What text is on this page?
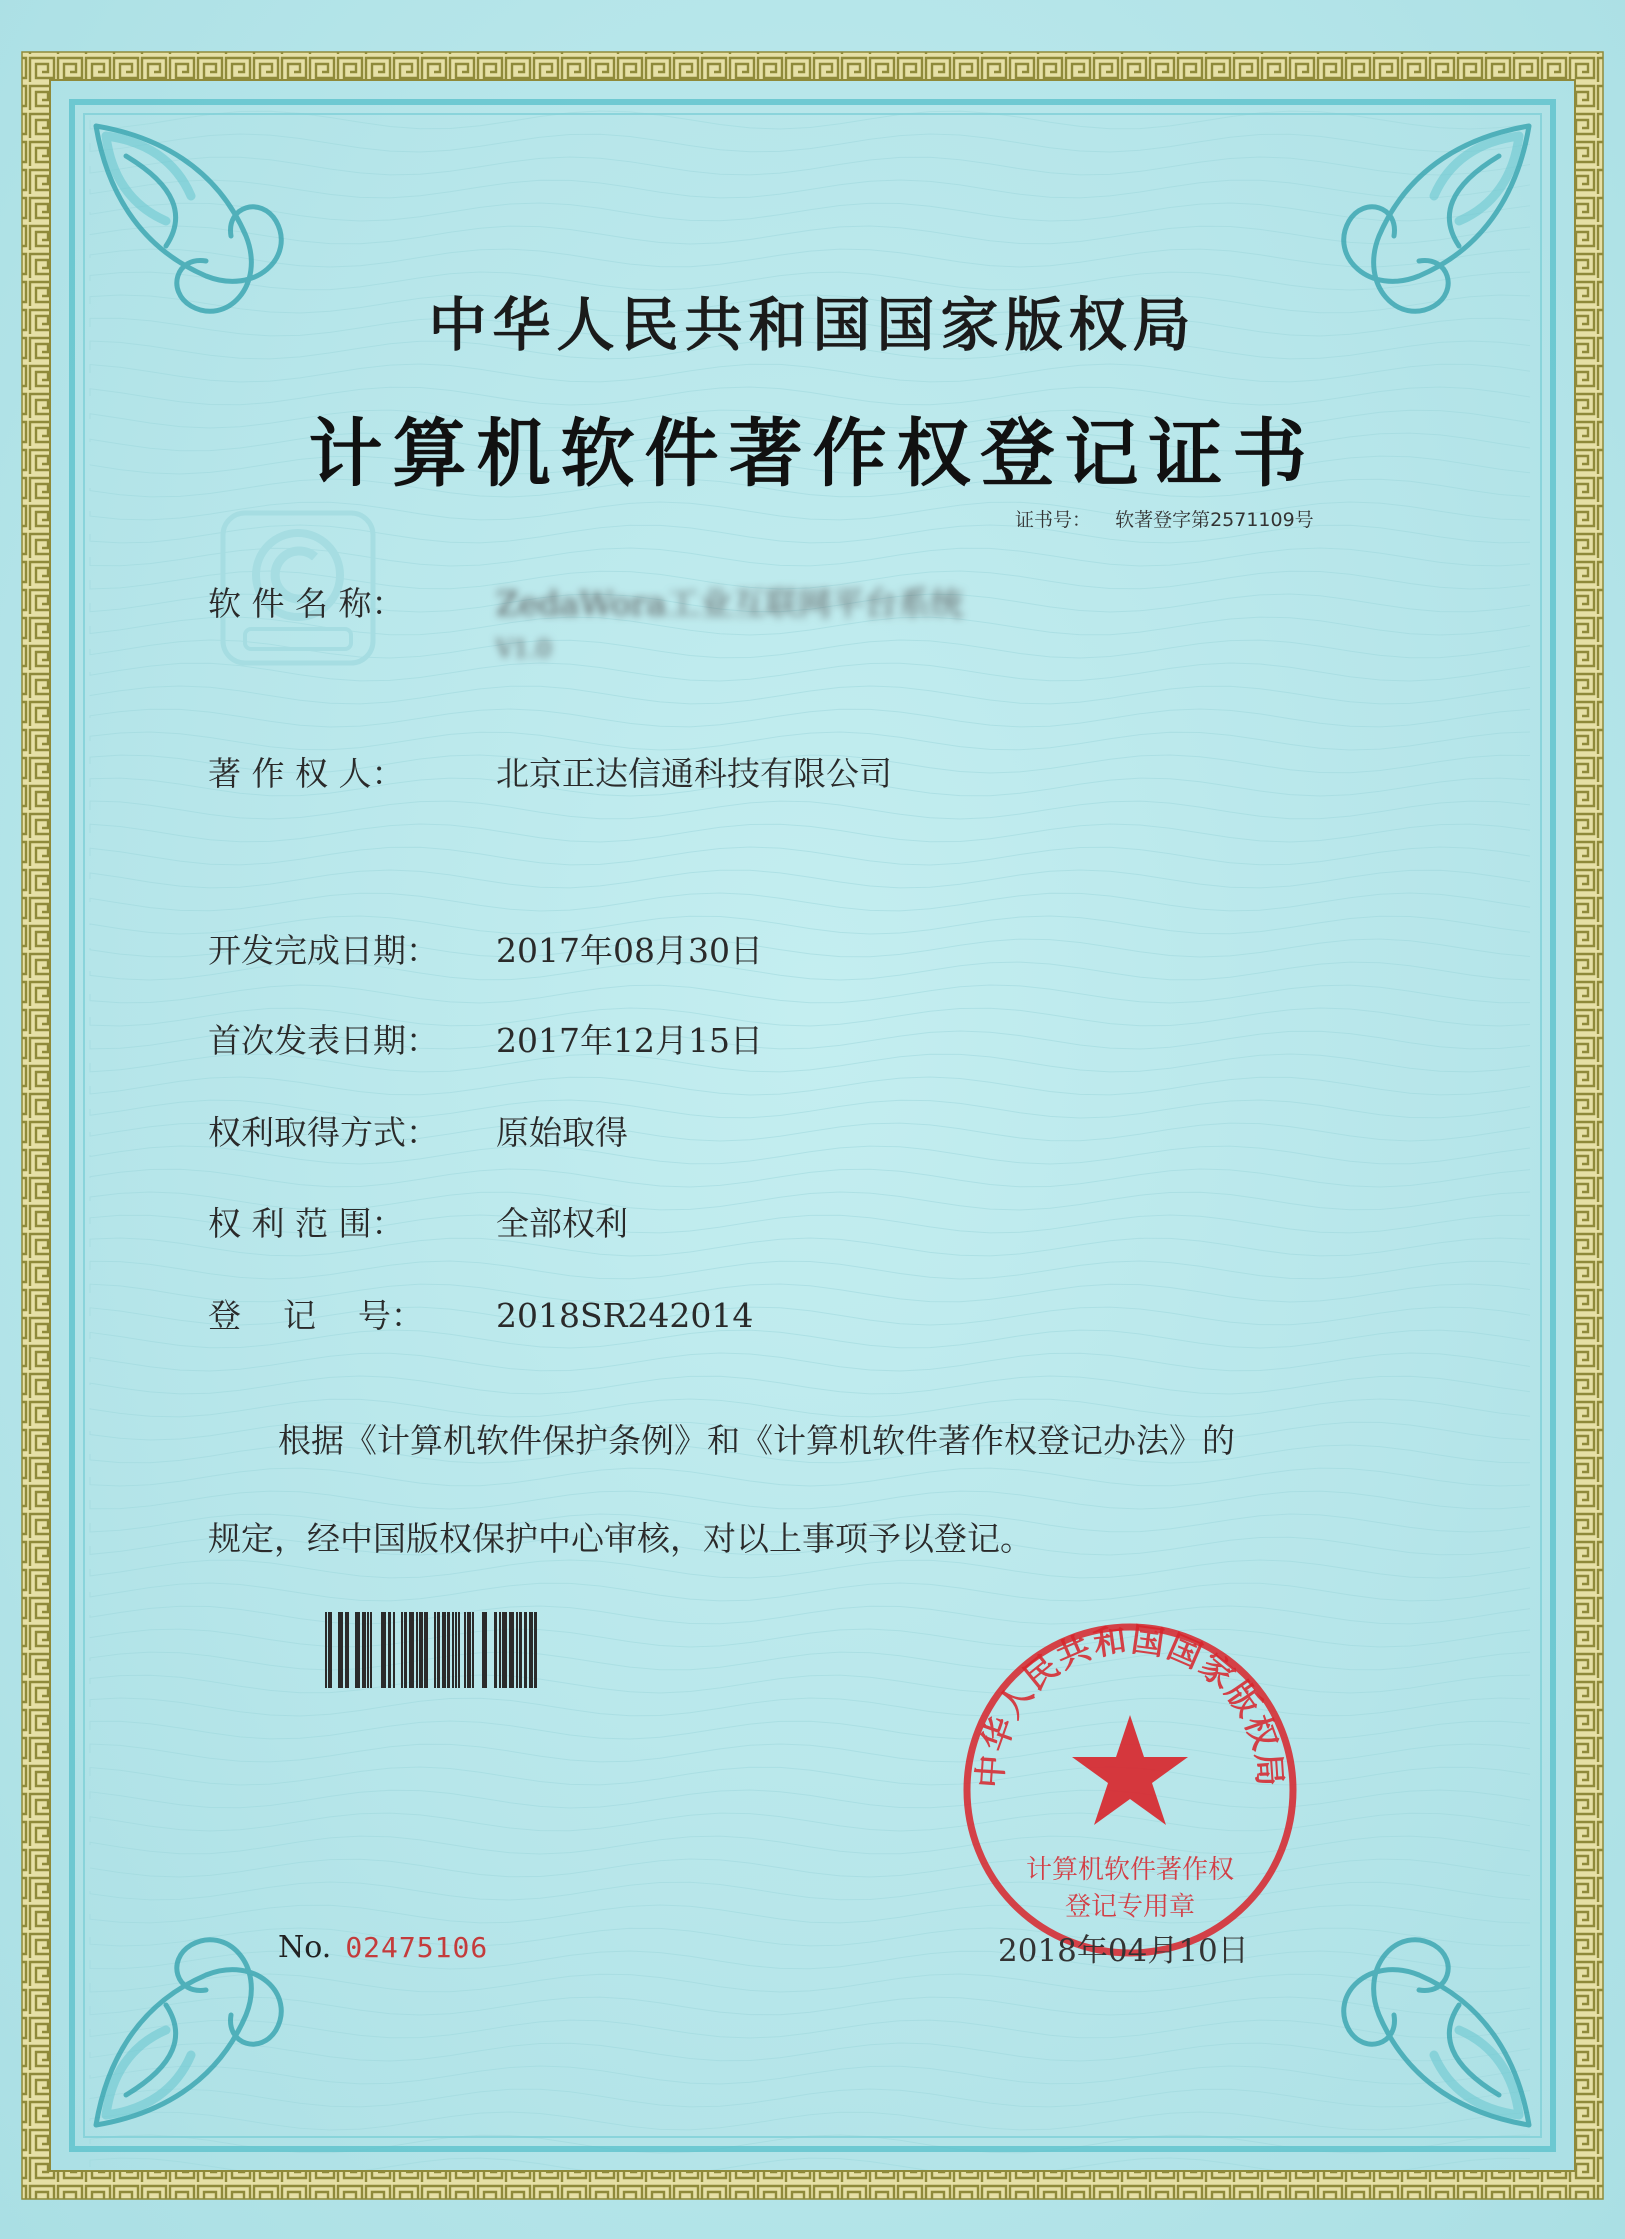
中华人民共和国国家版权局
计算机软件著作权登记证书
证书号： 软著登字第2571109号
软 件 名 称：	ZedaWora工业互联网平台系统
V1.0
著 作 权 人：	北京正达信通科技有限公司
开发完成日期： 2017年08月30日
首次发表日期： 2017年12月15日
权利取得方式： 原始取得
权 利 范 围：	全部权利
登    记    号： 2018SR242014
根据《计算机软件保护条例》和《计算机软件著作权登记办法》的
规定，经中国版权保护中心审核，对以上事项予以登记。
中华人民共和国国家版权局
计算机软件著作权
登记专用章
No. 02475106	2018年04月10日
